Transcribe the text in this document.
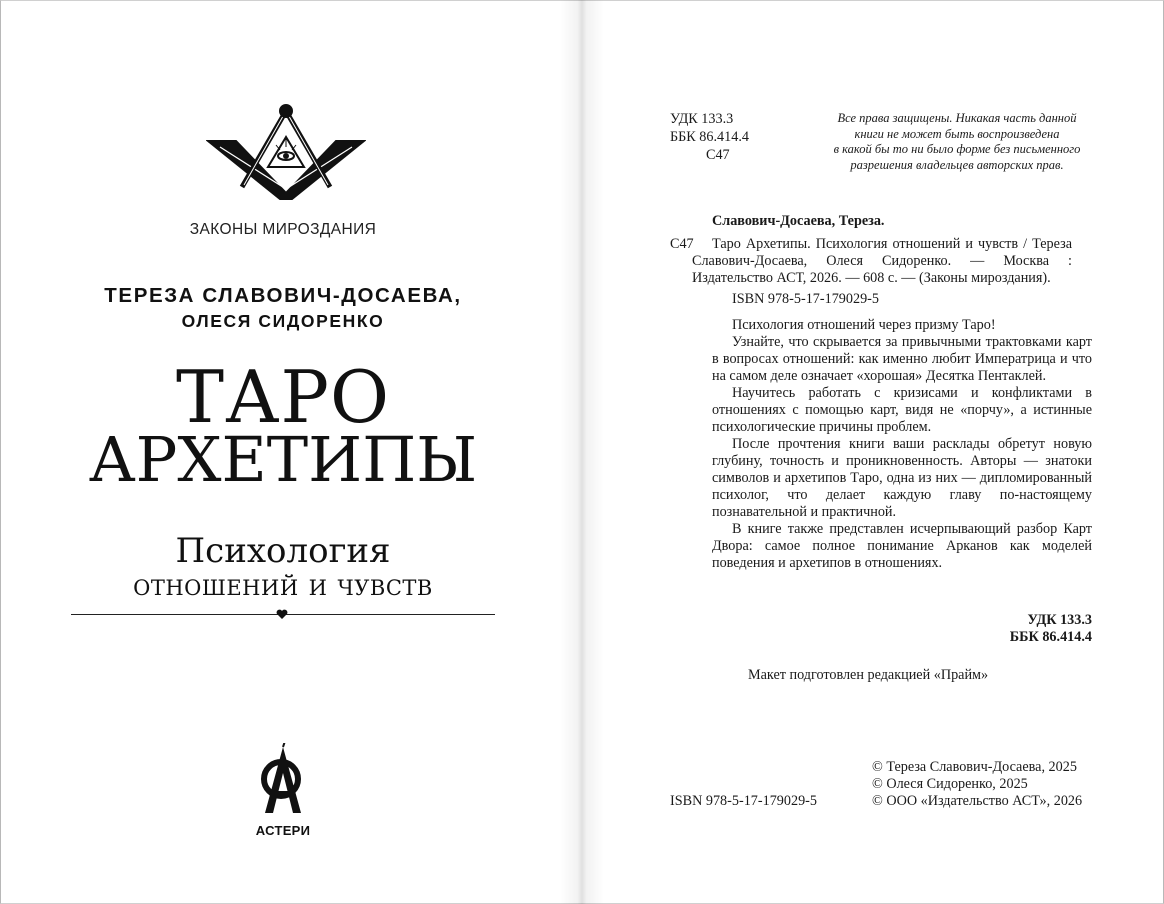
ЗАКОНЫ МИРОЗДАНИЯ
ТЕРЕЗА СЛАВОВИЧ-ДОСАЕВА,
ОЛЕСЯ СИДОРЕНКО
ТАРО
АРХЕТИПЫ
Психология
отношений и чувств
АСТЕРИ
УДК 133.3
ББК 86.414.4
С47
Все права защищены. Никакая часть данной
книги не может быть воспроизведена
в какой бы то ни было форме без письменного
разрешения владельцев авторских прав.
Славович-Досаева, Тереза.
С47	Таро Архетипы. Психология отношений и чувств / Тереза Славович-Досаева, Олеся Сидоренко. — Москва : Издательство АСТ, 2026. — 608 с. — (Законы мироздания).

ISBN 978-5-17-179029-5

Психология отношений через призму Таро!

Узнайте, что скрывается за привычными трактовками карт в вопросах отношений: как именно любит Императрица и что на самом деле означает «хорошая» Десятка Пентаклей.

Научитесь работать с кризисами и конфликтами в отношениях с помощью карт, видя не «порчу», а истинные психологические причины проблем.

После прочтения книги ваши расклады обретут новую глубину, точность и проникновенность. Авторы — знатоки символов и архетипов Таро, одна из них — дипломированный психолог, что делает каждую главу по-настоящему познавательной и практичной.

В книге также представлен исчерпывающий разбор Карт Двора: самое полное понимание Арканов как моделей поведения и архетипов в отношениях.

УДК 133.3
ББК 86.414.4
Макет подготовлен редакцией «Прайм»
© Тереза Славович-Досаева, 2025
© Олеся Сидоренко, 2025
ISBN 978-5-17-179029-5	© ООО «Издательство АСТ», 2026
